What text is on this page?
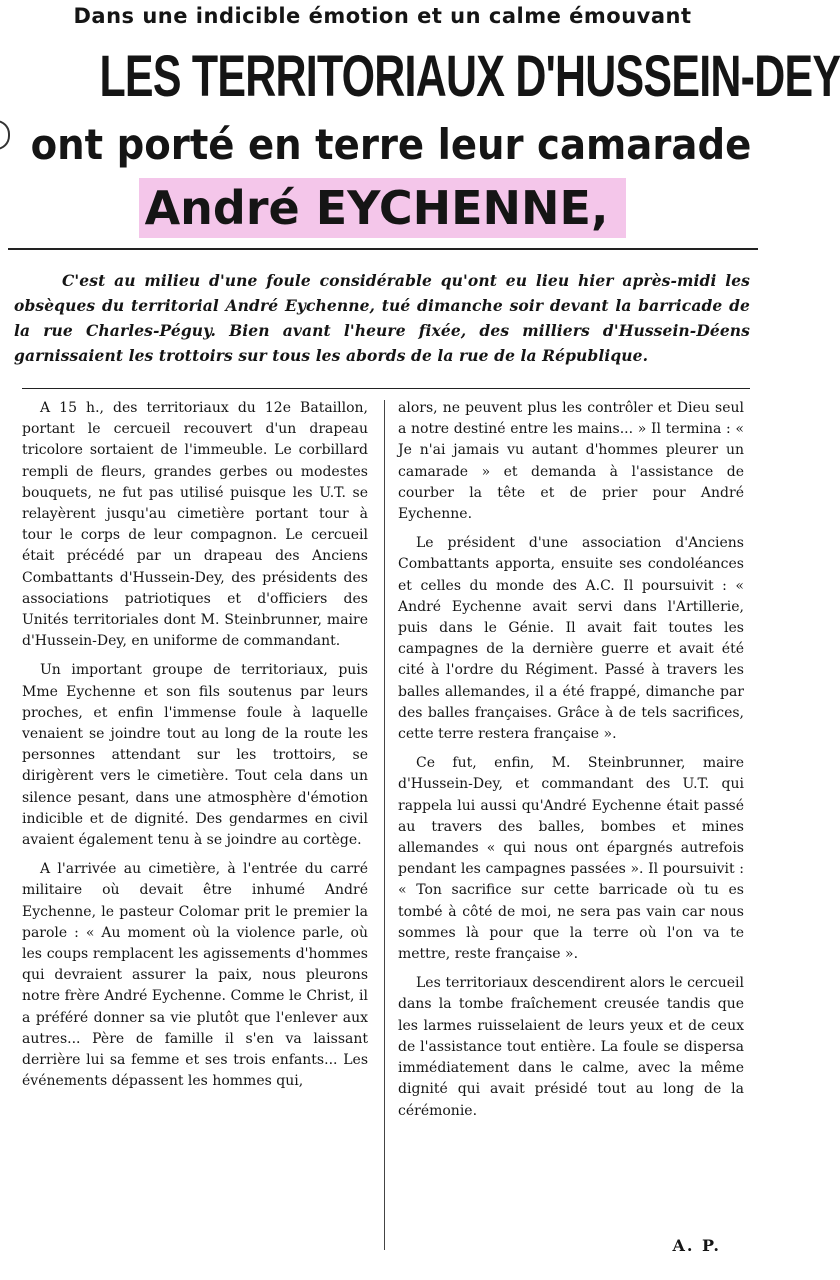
Dans une indicible émotion et un calme émouvant
LES TERRITORIAUX D'HUSSEIN-DEY
ont porté en terre leur camarade
André EYCHENNE,
C'est au milieu d'une foule considérable qu'ont eu lieu hier après-midi les obsèques du territorial André Eychenne, tué dimanche soir devant la barricade de la rue Charles-Péguy. Bien avant l'heure fixée, des milliers d'Hussein-Déens garnissaient les trottoirs sur tous les abords de la rue de la République.

A 15 h., des territoriaux du 12e Bataillon, portant le cercueil recouvert d'un drapeau tricolore sortaient de l'immeuble. Le corbillard rempli de fleurs, grandes gerbes ou modestes bouquets, ne fut pas utilisé puisque les U.T. se relayèrent jusqu'au cimetière portant tour à tour le corps de leur compagnon. Le cercueil était précédé par un drapeau des Anciens Combattants d'Hussein-Dey, des présidents des associations patriotiques et d'officiers des Unités territoriales dont M. Steinbrunner, maire d'Hussein-Dey, en uniforme de commandant.

Un important groupe de territoriaux, puis Mme Eychenne et son fils soutenus par leurs proches, et enfin l'immense foule à laquelle venaient se joindre tout au long de la route les personnes attendant sur les trottoirs, se dirigèrent vers le cimetière. Tout cela dans un silence pesant, dans une atmosphère d'émotion indicible et de dignité. Des gendarmes en civil avaient également tenu à se joindre au cortège.

A l'arrivée au cimetière, à l'entrée du carré militaire où devait être inhumé André Eychenne, le pasteur Colomar prit le premier la parole : « Au moment où la violence parle, où les coups remplacent les agissements d'hommes qui devraient assurer la paix, nous pleurons notre frère André Eychenne. Comme le Christ, il a préféré donner sa vie plutôt que l'enlever aux autres... Père de famille il s'en va laissant derrière lui sa femme et ses trois enfants... Les événements dépassent les hommes qui,

alors, ne peuvent plus les contrôler et Dieu seul a notre destiné entre les mains... » Il termina : « Je n'ai jamais vu autant d'hommes pleurer un camarade » et demanda à l'assistance de courber la tête et de prier pour André Eychenne.

Le président d'une association d'Anciens Combattants apporta, ensuite ses condoléances et celles du monde des A.C. Il poursuivit : « André Eychenne avait servi dans l'Artillerie, puis dans le Génie. Il avait fait toutes les campagnes de la dernière guerre et avait été cité à l'ordre du Régiment. Passé à travers les balles allemandes, il a été frappé, dimanche par des balles françaises. Grâce à de tels sacrifices, cette terre restera française ».

Ce fut, enfin, M. Steinbrunner, maire d'Hussein-Dey, et commandant des U.T. qui rappela lui aussi qu'André Eychenne était passé au travers des balles, bombes et mines allemandes « qui nous ont épargnés autrefois pendant les campagnes passées ». Il poursuivit : « Ton sacrifice sur cette barricade où tu es tombé à côté de moi, ne sera pas vain car nous sommes là pour que la terre où l'on va te mettre, reste française ».

Les territoriaux descendirent alors le cercueil dans la tombe fraîchement creusée tandis que les larmes ruisselaient de leurs yeux et de ceux de l'assistance tout entière. La foule se dispersa immédiatement dans le calme, avec la même dignité qui avait présidé tout au long de la cérémonie.

A. P.
